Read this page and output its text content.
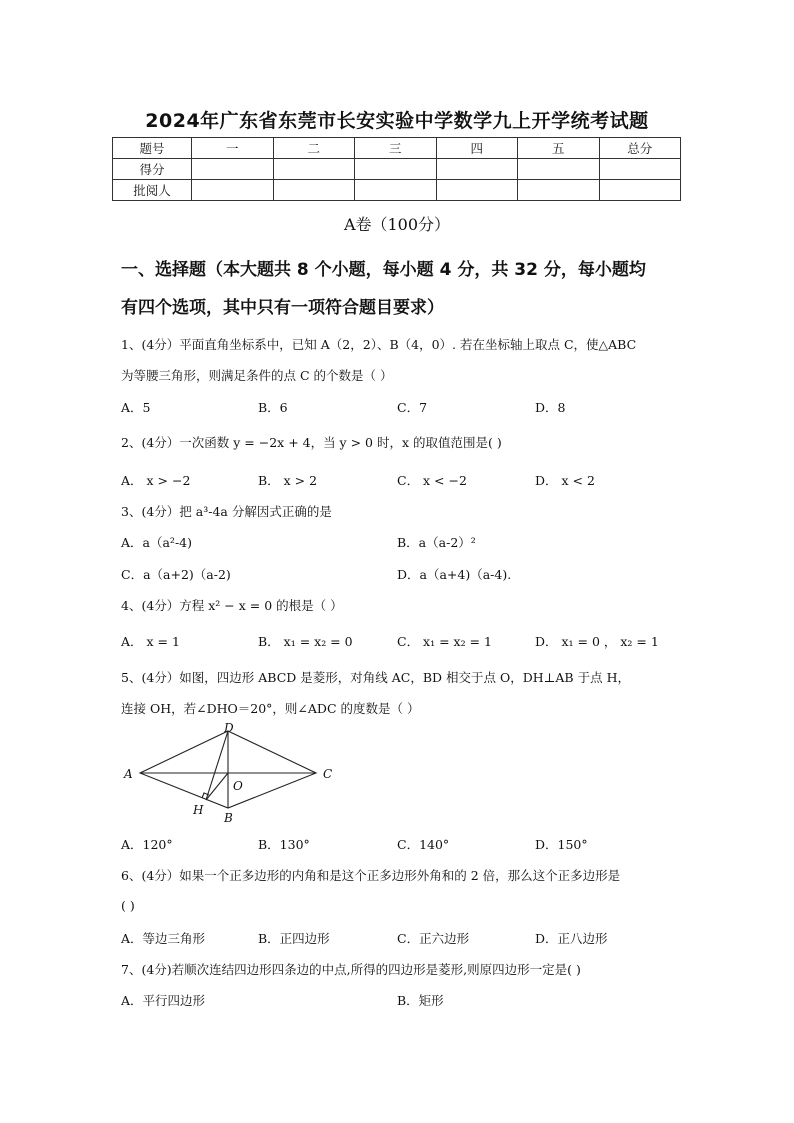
2024年广东省东莞市长安实验中学数学九上开学统考试题
题号	一	二	三	四	五	总分
得分						
批阅人						
A卷（100分）
一、选择题（本大题共 8 个小题，每小题 4 分，共 32 分，每小题均
有四个选项，其中只有一项符合题目要求）
1、(4分）平面直角坐标系中，已知 A（2，2）、B（4，0）. 若在坐标轴上取点 C，使△ABC
为等腰三角形，则满足条件的点 C 的个数是（ ）
A．5	B．6	C．7	D．8
2、(4分）一次函数 y = −2x + 4，当 y > 0 时，x 的取值范围是( )
A． x > −2	B． x > 2	C． x < −2	D． x < 2
3、(4分）把 a³-4a 分解因式正确的是
A．a（a²-4)	B．a（a-2）²
C．a（a+2)（a-2)	D．a（a+4)（a-4).
4、(4分）方程 x² − x = 0 的根是（ ）
A． x = 1	B． x₁ = x₂ = 0	C． x₁ = x₂ = 1	D． x₁ = 0 ， x₂ = 1
5、(4分）如图，四边形 ABCD 是菱形，对角线 AC，BD 相交于点 O，DH⊥AB 于点 H，
连接 OH，若∠DHO＝20°，则∠ADC 的度数是（ ）
A
B
C
D
O
H
A．120°	B．130°	C．140°	D．150°
6、(4分）如果一个正多边形的内角和是这个正多边形外角和的 2 倍，那么这个正多边形是
( )
A．等边三角形	B．正四边形	C．正六边形	D．正八边形
7、(4分)若顺次连结四边形四条边的中点,所得的四边形是菱形,则原四边形一定是( )
A．平行四边形	B．矩形
